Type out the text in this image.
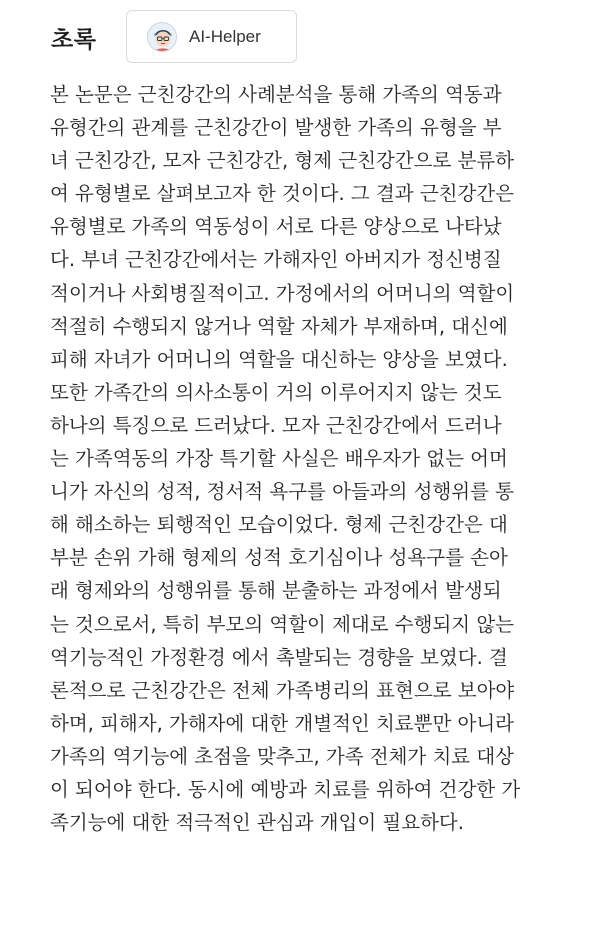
초록	AI-Helper

본 논문은 근친강간의 사례분석을 통해 가족의 역동과
유형간의 관계를 근친강간이 발생한 가족의 유형을 부
녀 근친강간, 모자 근친강간, 형제 근친강간으로 분류하
여 유형별로 살펴보고자 한 것이다. 그 결과 근친강간은
유형별로 가족의 역동성이 서로 다른 양상으로 나타났
다. 부녀 근친강간에서는 가해자인 아버지가 정신병질
적이거나 사회병질적이고. 가정에서의 어머니의 역할이
적절히 수행되지 않거나 역할 자체가 부재하며, 대신에
피해 자녀가 어머니의 역할을 대신하는 양상을 보였다.
또한 가족간의 의사소통이 거의 이루어지지 않는 것도
하나의 특징으로 드러났다. 모자 근친강간에서 드러나
는 가족역동의 가장 특기할 사실은 배우자가 없는 어머
니가 자신의 성적, 정서적 욕구를 아들과의 성행위를 통
해 해소하는 퇴행적인 모습이었다. 형제 근친강간은 대
부분 손위 가해 형제의 성적 호기심이나 성욕구를 손아
래 형제와의 성행위를 통해 분출하는 과정에서 발생되
는 것으로서, 특히 부모의 역할이 제대로 수행되지 않는
역기능적인 가정환경 에서 촉발되는 경향을 보였다. 결
론적으로 근친강간은 전체 가족병리의 표현으로 보아야
하며, 피해자, 가해자에 대한 개별적인 치료뿐만 아니라
가족의 역기능에 초점을 맞추고, 가족 전체가 치료 대상
이 되어야 한다. 동시에 예방과 치료를 위하여 건강한 가
족기능에 대한 적극적인 관심과 개입이 필요하다.
